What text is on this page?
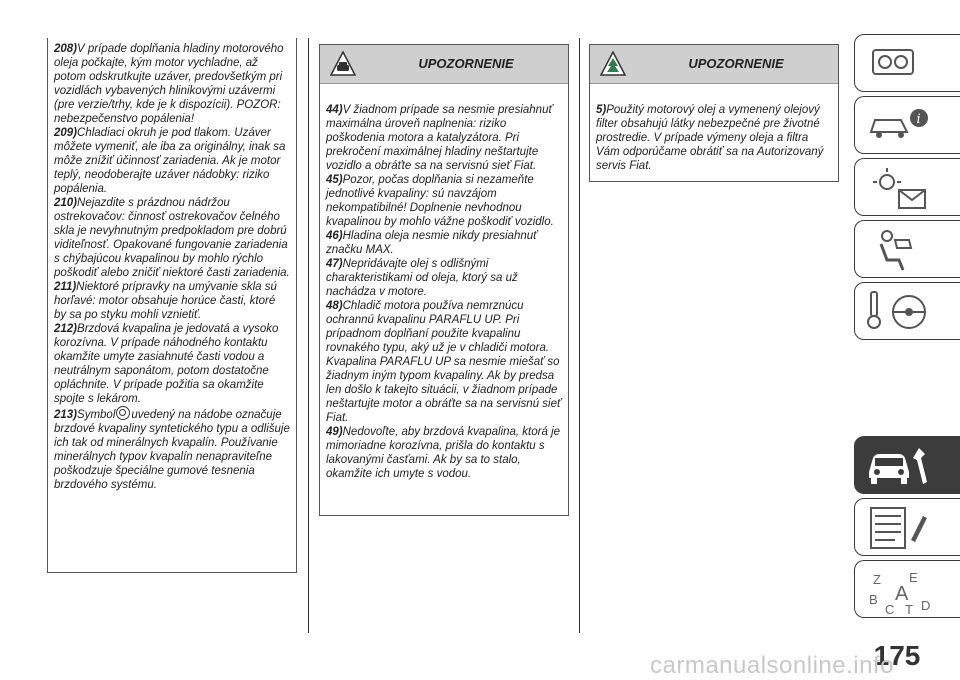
208)V prípade doplňania hladiny motorového oleja počkajte, kým motor vychladne, až potom odskrutkujte uzáver, predovšetkým pri vozidlách vybavených hlinikovými uzávermi (pre verzie/trhy, kde je k dispozícii). POZOR: nebezpečenstvo popálenia!

209)Chladiaci okruh je pod tlakom. Uzáver môžete vymeniť, ale iba za originálny, inak sa môže znížiť účinnosť zariadenia. Ak je motor teplý, neodoberajte uzáver nádobky: riziko popálenia.

210)Nejazdite s prázdnou nádržou ostrekovačov: činnosť ostrekovačov čelného skla je nevyhnutným predpokladom pre dobrú viditeľnosť. Opakované fungovanie zariadenia s chýbajúcou kvapalinou by mohlo rýchlo poškodiť alebo zničiť niektoré časti zariadenia.

211)Niektoré prípravky na umývanie skla sú horľavé: motor obsahuje horúce časti, ktoré by sa po styku mohli vznietiť.

212)Brzdová kvapalina je jedovatá a vysoko korozívna. V prípade náhodného kontaktu okamžite umyte zasiahnuté časti vodou a neutrálnym saponátom, potom dostatočne opláchnite. V prípade požitia sa okamžite spojte s lekárom.

213)Symbol uvedený na nádobe označuje brzdové kvapaliny syntetického typu a odlišuje ich tak od minerálnych kvapalín. Používanie minerálnych typov kvapalín nenapraviteľne poškodzuje špeciálne gumové tesnenia brzdového systému.

UPOZORNENIE

44)V žiadnom prípade sa nesmie presiahnuť maximálna úroveň naplnenia: riziko poškodenia motora a katalyzátora. Pri prekročení maximálnej hladiny neštartujte vozidlo a obráťte sa na servisnú sieť Fiat.

45)Pozor, počas doplňania si nezameňte jednotlivé kvapaliny: sú navzájom nekompatibilné! Doplnenie nevhodnou kvapalinou by mohlo vážne poškodiť vozidlo.

46)Hladina oleja nesmie nikdy presiahnuť značku MAX.

47)Nepridávajte olej s odlišnými charakteristikami od oleja, ktorý sa už nachádza v motore.

48)Chladič motora používa nemrznúcu ochrannú kvapalinu PARAFLU UP. Pri prípadnom doplňaní použite kvapalinu rovnakého typu, aký už je v chladiči motora. Kvapalina PARAFLU UP sa nesmie miešať so žiadnym iným typom kvapaliny. Ak by predsa len došlo k takejto situácii, v žiadnom prípade neštartujte motor a obráťte sa na servisnú sieť Fiat.

49)Nedovoľte, aby brzdová kvapalina, ktorá je mimoriadne korozívna, prišla do kontaktu s lakovanými časťami. Ak by sa to stalo, okamžite ich umyte s vodou.

UPOZORNENIE

5)Použitý motorový olej a vymenený olejový filter obsahujú látky nebezpečné pre životné prostredie. V prípade výmeny oleja a filtra Vám odporúčame obrátiť sa na Autorizovaný servis Fiat.

i
Z E
B A
C T D
175
carmanualsonline.info
